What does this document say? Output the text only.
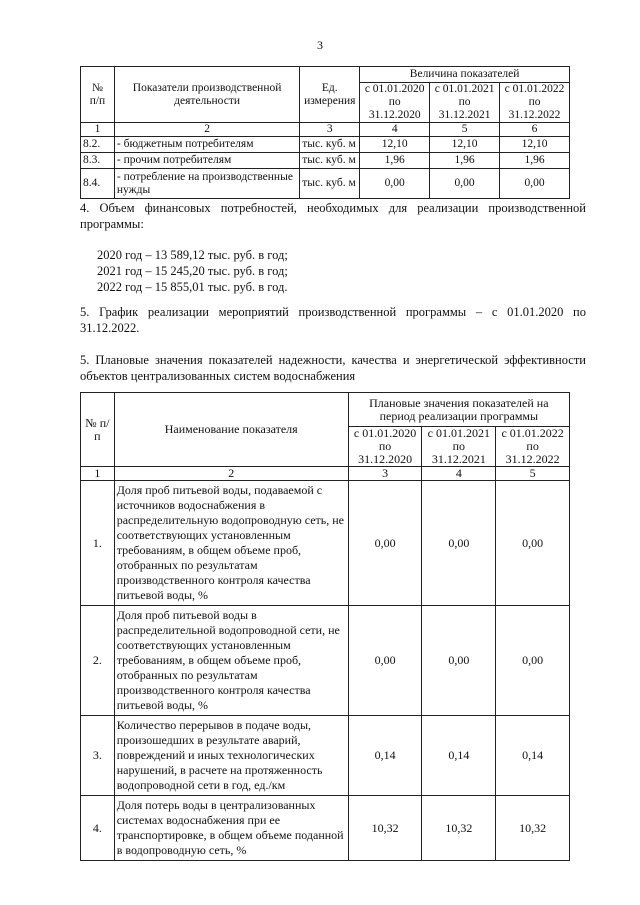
3
№
п/п	Показатели производственной деятельности	Ед. измерения	Величина показателей		
			с 01.01.2020 по 31.12.2020	с 01.01.2021 по 31.12.2021	с 01.01.2022 по 31.12.2022
1	2	3	4	5	6
8.2.	- бюджетным потребителям	тыс. куб. м	12,10	12,10	12,10
8.3.	- прочим потребителям	тыс. куб. м	1,96	1,96	1,96
8.4.	- потребление на производственные нужды	тыс. куб. м	0,00	0,00	0,00
4. Объем финансовых потребностей, необходимых для реализации производственной программы:
2020 год – 13 589,12 тыс. руб. в год;
2021 год – 15 245,20 тыс. руб. в год;
2022 год – 15 855,01 тыс. руб. в год.
5. График реализации мероприятий производственной программы – с 01.01.2020 по 31.12.2022.
5. Плановые значения показателей надежности, качества и энергетической эффективности объектов централизованных систем водоснабжения
№ п/п	Наименование показателя	Плановые значения показателей на период реализации программы		
		с 01.01.2020 по 31.12.2020	с 01.01.2021 по 31.12.2021	с 01.01.2022 по 31.12.2022
1	2	3	4	5
1.	Доля проб питьевой воды, подаваемой с источников водоснабжения в распределительную водопроводную сеть, не соответствующих установленным требованиям, в общем объеме проб, отобранных по результатам производственного контроля качества питьевой воды, %	0,00	0,00	0,00
2.	Доля проб питьевой воды в распределительной водопроводной сети, не соответствующих установленным требованиям, в общем объеме проб, отобранных по результатам производственного контроля качества питьевой воды, %	0,00	0,00	0,00
3.	Количество перерывов в подаче воды, произошедших в результате аварий, повреждений и иных технологических нарушений, в расчете на протяженность водопроводной сети в год, ед./км	0,14	0,14	0,14
4.	Доля потерь воды в централизованных системах водоснабжения при ее транспортировке, в общем объеме поданной в водопроводную сеть, %	10,32	10,32	10,32
